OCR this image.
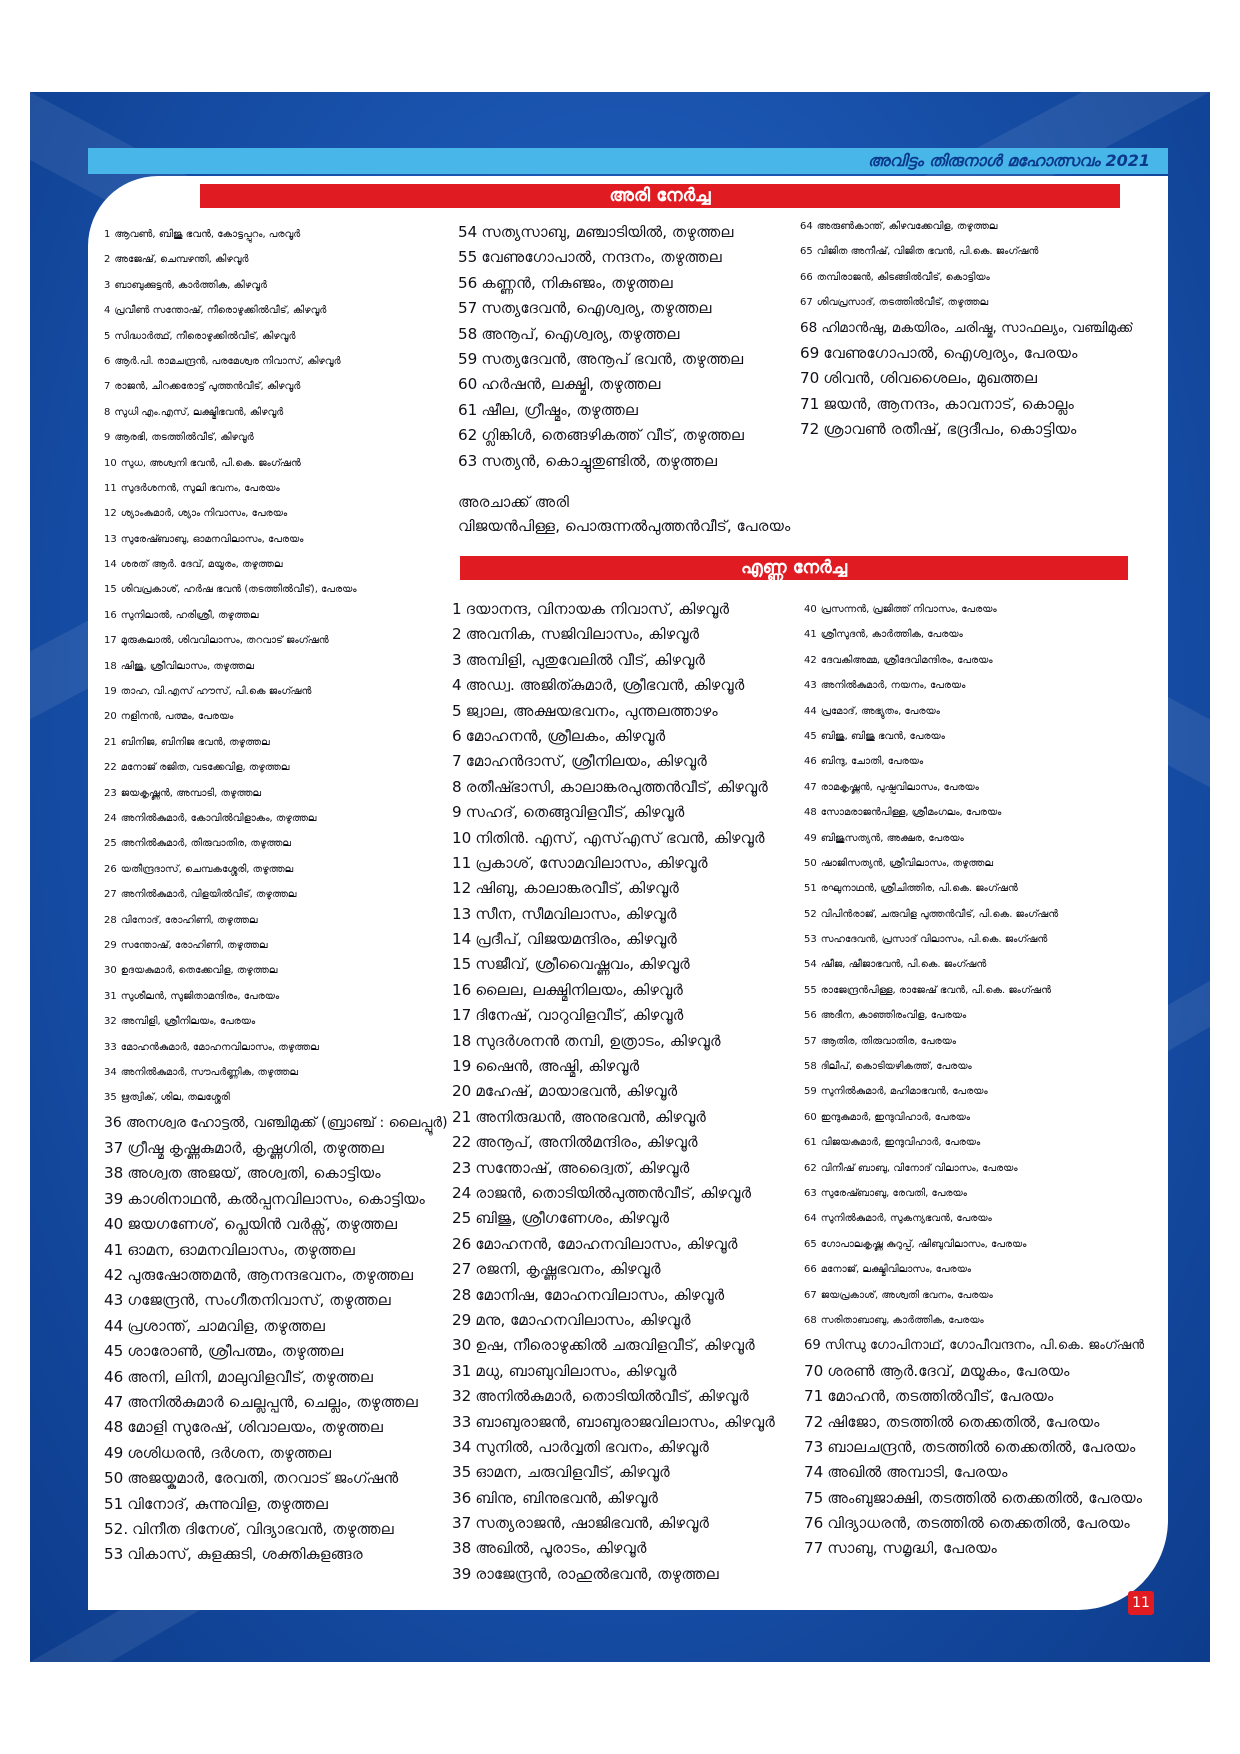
അവിട്ടം തിരുനാൾ മഹോത്സവം 2021
അരി നേർച്ച
1 ആവൺ, ബിജു ഭവൻ, കോട്ടപ്പുറം, പരവൂർ
2 അജേഷ്, ചെമ്പഴന്തി, കിഴവൂർ
3 ബാബുക്കുട്ടൻ, കാർത്തിക, കിഴവൂർ
4 പ്രവീൺ സന്തോഷ്, നീരൊഴുക്കിൽവീട്, കിഴവൂർ
5 സിദ്ധാർത്ഥ്, നീരൊഴുക്കിൽവീട്, കിഴവൂർ
6 ആർ.പി. രാമചന്ദ്രൻ, പരമേശ്വര നിവാസ്, കിഴവൂർ
7 രാജൻ, ചിറക്കരോട്ട് പുത്തൻവീട്, കിഴവൂർ
8 സുധി എം.എസ്, ലക്ഷ്മിഭവൻ, കിഴവൂർ
9 ആരഭി, തടത്തിൽവീട്, കിഴവൂർ
10 സുധ, അശ്വനി ഭവൻ, പി.കെ. ജംഗ്ഷൻ
11 സുദർശനൻ, സുലി ഭവനം, പേരയം
12 ശ്യാംകുമാർ, ശ്യാം നിവാസം, പേരയം
13 സുരേഷ്ബാബു, ഓമനവിലാസം, പേരയം
14 ശരത് ആർ. ദേവ്, മയൂരം, തഴുത്തല
15 ശിവപ്രകാശ്, ഹർഷ ഭവൻ (തടത്തിൽവീട്), പേരയം
16 സുനിലാൽ, ഹരിശ്രീ, തഴുത്തല
17 മുരുകലാൽ, ശിവവിലാസം, തറവാട് ജംഗ്ഷൻ
18 ഷിജു, ശ്രീവിലാസം, തഴുത്തല
19 താഹ, വി.എസ് ഹൗസ്, പി.കെ ജംഗ്ഷൻ
20 നളിനൻ, പത്മം, പേരയം
21 ബിനിജ, ബിനിജ ഭവൻ, തഴുത്തല
22 മനോജ് രജിത, വടക്കേവിള, തഴുത്തല
23 ജയകൃഷ്ണൻ, അമ്പാടി, തഴുത്തല
24 അനിൽകുമാർ, കോവിൽവിളാകം, തഴുത്തല
25 അനിൽകുമാർ, തിരുവാതിര, തഴുത്തല
26 യതീന്ദ്രദാസ്, ചെമ്പകശ്ശേരി, തഴുത്തല
27 അനിൽകുമാർ, വിളയിൽവീട്, തഴുത്തല
28 വിനോദ്, രോഹിണി, തഴുത്തല
29 സന്തോഷ്, രോഹിണി, തഴുത്തല
30 ഉദയകുമാർ, തെക്കേവിള, തഴുത്തല
31 സുശീലൻ, സുജിതാമന്ദിരം, പേരയം
32 അമ്പിളി, ശ്രീനിലയം, പേരയം
33 മോഹൻകുമാർ, മോഹനവിലാസം, തഴുത്തല
34 അനിൽകുമാർ, സൗപർണ്ണിക, തഴുത്തല
35 ഋത്വിക്, ശില, തലശ്ശേരി
36 അനശ്വര ഹോട്ടൽ, വഞ്ചിമുക്ക് (ബ്രാഞ്ച് : ലൈപ്പൂർ)
37 ഗ്രീഷ്മ കൃഷ്ണകുമാർ, കൃഷ്ണഗിരി, തഴുത്തല
38 അശ്വത അജയ്, അശ്വതി, കൊട്ടിയം
39 കാശിനാഥൻ, കൽപ്പനവിലാസം, കൊട്ടിയം
40 ജയഗണേശ്, പ്ലെയിൻ വർക്സ്, തഴുത്തല
41 ഓമന, ഓമനവിലാസം, തഴുത്തല
42 പുരുഷോത്തമൻ, ആനന്ദഭവനം, തഴുത്തല
43 ഗജേന്ദ്രൻ, സംഗീതനിവാസ്, തഴുത്തല
44 പ്രശാന്ത്, ചാമവിള, തഴുത്തല
45 ശാരോൺ, ശ്രീപത്മം, തഴുത്തല
46 അനി, ലിനി, മാലുവിളവീട്, തഴുത്തല
47 അനിൽകുമാർ ചെല്ലപ്പൻ, ചെല്ലം, തഴുത്തല
48 മോളി സുരേഷ്, ശിവാലയം, തഴുത്തല
49 ശശിധരൻ, ദർശന, തഴുത്തല
50 അജയ്കുമാർ, രേവതി, തറവാട് ജംഗ്ഷൻ
51 വിനോദ്, കുന്നുവിള, തഴുത്തല
52. വിനീത ദിനേശ്, വിദ്യാഭവൻ, തഴുത്തല
53 വികാസ്, കുളക്കുടി, ശക്തികുളങ്ങര
54 സത്യസാബു, മഞ്ചാടിയിൽ, തഴുത്തല
55 വേണുഗോപാൽ, നന്ദനം, തഴുത്തല
56 കണ്ണൻ, നികുഞ്ജം, തഴുത്തല
57 സത്യദേവൻ, ഐശ്വര്യ, തഴുത്തല
58 അനൂപ്, ഐശ്വര്യ, തഴുത്തല
59 സത്യദേവൻ, അനൂപ് ഭവൻ, തഴുത്തല
60 ഹർഷൻ, ലക്ഷ്മി, തഴുത്തല
61 ഷീല, ഗ്രീഷ്മം, തഴുത്തല
62 ഗ്ലിങ്കിൾ, തെങ്ങഴികത്ത് വീട്, തഴുത്തല
63 സത്യൻ, കൊച്ചുതുണ്ടിൽ, തഴുത്തല
64 അരുൺകാന്ത്, കിഴവക്കേവിള, തഴുത്തല
65 വിജിത അനീഷ്, വിജിത ഭവൻ, പി.കെ. ജംഗ്ഷൻ
66 തമ്പിരാജൻ, കിടങ്ങിൽവീട്, കൊട്ടിയം
67 ശിവപ്രസാദ്, തടത്തിൽവീട്, തഴുത്തല
68 ഹിമാൻഷു, മകയിരം, ചരിഷ്മ, സാഫല്യം, വഞ്ചിമുക്ക്
69 വേണുഗോപാൽ, ഐശ്വര്യം, പേരയം
70 ശിവൻ, ശിവശൈലം, മുഖത്തല
71 ജയൻ, ആനന്ദം, കാവനാട്, കൊല്ലം
72 ശ്രാവൺ രതീഷ്, ഭദ്രദീപം, കൊട്ടിയം
അരചാക്ക് അരി
വിജയൻപിള്ള, പൊരുന്നൽപുത്തൻവീട്, പേരയം
എണ്ണ നേർച്ച
1 ദയാനന്ദ, വിനായക നിവാസ്, കിഴവൂർ
2 അവനിക, സജിവിലാസം, കിഴവൂർ
3 അമ്പിളി, പുതുവേലിൽ വീട്, കിഴവൂർ
4 അഡ്വ. അജിത്കുമാർ, ശ്രീഭവൻ, കിഴവൂർ
5 ജ്വാല, അക്ഷയഭവനം, പുന്തലത്താഴം
6 മോഹനൻ, ശ്രീലകം, കിഴവൂർ
7 മോഹൻദാസ്, ശ്രീനിലയം, കിഴവൂർ
8 രതീഷ്ഭാസി, കാലാങ്കരപുത്തൻവീട്, കിഴവൂർ
9 സഹദ്, തെങ്ങുവിളവീട്, കിഴവൂർ
10 നിതിൻ. എസ്, എസ്എസ് ഭവൻ, കിഴവൂർ
11 പ്രകാശ്, സോമവിലാസം, കിഴവൂർ
12 ഷിബു, കാലാങ്കരവീട്, കിഴവൂർ
13 സീന, സീമവിലാസം, കിഴവൂർ
14 പ്രദീപ്, വിജയമന്ദിരം, കിഴവൂർ
15 സജീവ്, ശ്രീവൈഷ്ണവം, കിഴവൂർ
16 ലൈല, ലക്ഷ്മിനിലയം, കിഴവൂർ
17 ദിനേഷ്, വാറുവിളവീട്, കിഴവൂർ
18 സുദർശനൻ തമ്പി, ഉത്രാടം, കിഴവൂർ
19 ഷൈൻ, അഷ്മി, കിഴവൂർ
20 മഹേഷ്, മായാഭവൻ, കിഴവൂർ
21 അനിരുദ്ധൻ, അനുഭവൻ, കിഴവൂർ
22 അനൂപ്, അനിൽമന്ദിരം, കിഴവൂർ
23 സന്തോഷ്, അദ്വൈത്, കിഴവൂർ
24 രാജൻ, തൊടിയിൽപുത്തൻവീട്, കിഴവൂർ
25 ബിജു, ശ്രീഗണേശം, കിഴവൂർ
26 മോഹനൻ, മോഹനവിലാസം, കിഴവൂർ
27 രജനി, കൃഷ്ണഭവനം, കിഴവൂർ
28 മോനിഷ, മോഹനവിലാസം, കിഴവൂർ
29 മനു, മോഹനവിലാസം, കിഴവൂർ
30 ഉഷ, നീരൊഴുക്കിൽ ചരുവിളവീട്, കിഴവൂർ
31 മധു, ബാബുവിലാസം, കിഴവൂർ
32 അനിൽകുമാർ, തൊടിയിൽവീട്, കിഴവൂർ
33 ബാബുരാജൻ, ബാബുരാജവിലാസം, കിഴവൂർ
34 സുനിൽ, പാർവ്വതി ഭവനം, കിഴവൂർ
35 ഓമന, ചരുവിളവീട്, കിഴവൂർ
36 ബിനു, ബിനുഭവൻ, കിഴവൂർ
37 സത്യരാജൻ, ഷാജിഭവൻ, കിഴവൂർ
38 അഖിൽ, പൂരാടം, കിഴവൂർ
39 രാജേന്ദ്രൻ, രാഹുൽഭവൻ, തഴുത്തല
40 പ്രസന്നൻ, പ്രജിത്ത് നിവാസം, പേരയം
41 ശ്രീസുദൻ, കാർത്തിക, പേരയം
42 ദേവകിഅമ്മ, ശ്രീദേവിമന്ദിരം, പേരയം
43 അനിൽകുമാർ, നയനം, പേരയം
44 പ്രമോദ്, അഭ്യുതം, പേരയം
45 ബിജു, ബിജു ഭവൻ, പേരയം
46 ബിന്ദു, ചോതി, പേരയം
47 രാമകൃഷ്ണൻ, പുഷ്പവിലാസം, പേരയം
48 സോമരാജൻപിള്ള, ശ്രീമംഗലം, പേരയം
49 ബിജുസത്യൻ, അക്ഷര, പേരയം
50 ഷാജിസത്യൻ, ശ്രീവിലാസം, തഴുത്തല
51 രഘുനാഥൻ, ശ്രീചിത്തിര, പി.കെ. ജംഗ്ഷൻ
52 വിപിൻരാജ്, ചരുവിള പുത്തൻവീട്, പി.കെ. ജംഗ്ഷൻ
53 സഹദേവൻ, പ്രസാദ് വിലാസം, പി.കെ. ജംഗ്ഷൻ
54 ഷീജ, ഷീജാഭവൻ, പി.കെ. ജംഗ്ഷൻ
55 രാജേന്ദ്രൻപിള്ള, രാജേഷ് ഭവൻ, പി.കെ. ജംഗ്ഷൻ
56 അദീന, കാഞ്ഞിരംവിള, പേരയം
57 ആതിര, തിരുവാതിര, പേരയം
58 ദിലീപ്, കൊടിയഴികത്ത്, പേരയം
59 സുനിൽകുമാർ, മഹിമാഭവൻ, പേരയം
60 ഇന്ദുകുമാർ, ഇന്ദുവിഹാർ, പേരയം
61 വിജയകുമാർ, ഇന്ദുവിഹാർ, പേരയം
62 വിനീഷ് ബാബു, വിനോദ് വിലാസം, പേരയം
63 സുരേഷ്ബാബു, രേവതി, പേരയം
64 സുനിൽകുമാർ, സുകന്യഭവൻ, പേരയം
65 ഗോപാലകൃഷ്ണ കുറുപ്പ്, ഷിബുവിലാസം, പേരയം
66 മനോജ്, ലക്ഷ്മിവിലാസം, പേരയം
67 ജയപ്രകാശ്, അശ്വതി ഭവനം, പേരയം
68 സരിതാബാബു, കാർത്തിക, പേരയം
69 സിന്ധു ഗോപിനാഥ്, ഗോപീവന്ദനം, പി.കെ. ജംഗ്ഷൻ
70 ശരൺ ആർ.ദേവ്, മയൂകം, പേരയം
71 മോഹൻ, തടത്തിൽവീട്, പേരയം
72 ഷിജോ, തടത്തിൽ തെക്കതിൽ, പേരയം
73 ബാലചന്ദ്രൻ, തടത്തിൽ തെക്കതിൽ, പേരയം
74 അഖിൽ അമ്പാടി, പേരയം
75 അംബുജാക്ഷി, തടത്തിൽ തെക്കതിൽ, പേരയം
76 വിദ്യാധരൻ, തടത്തിൽ തെക്കതിൽ, പേരയം
77 സാബു, സമൃദ്ധി, പേരയം
11
